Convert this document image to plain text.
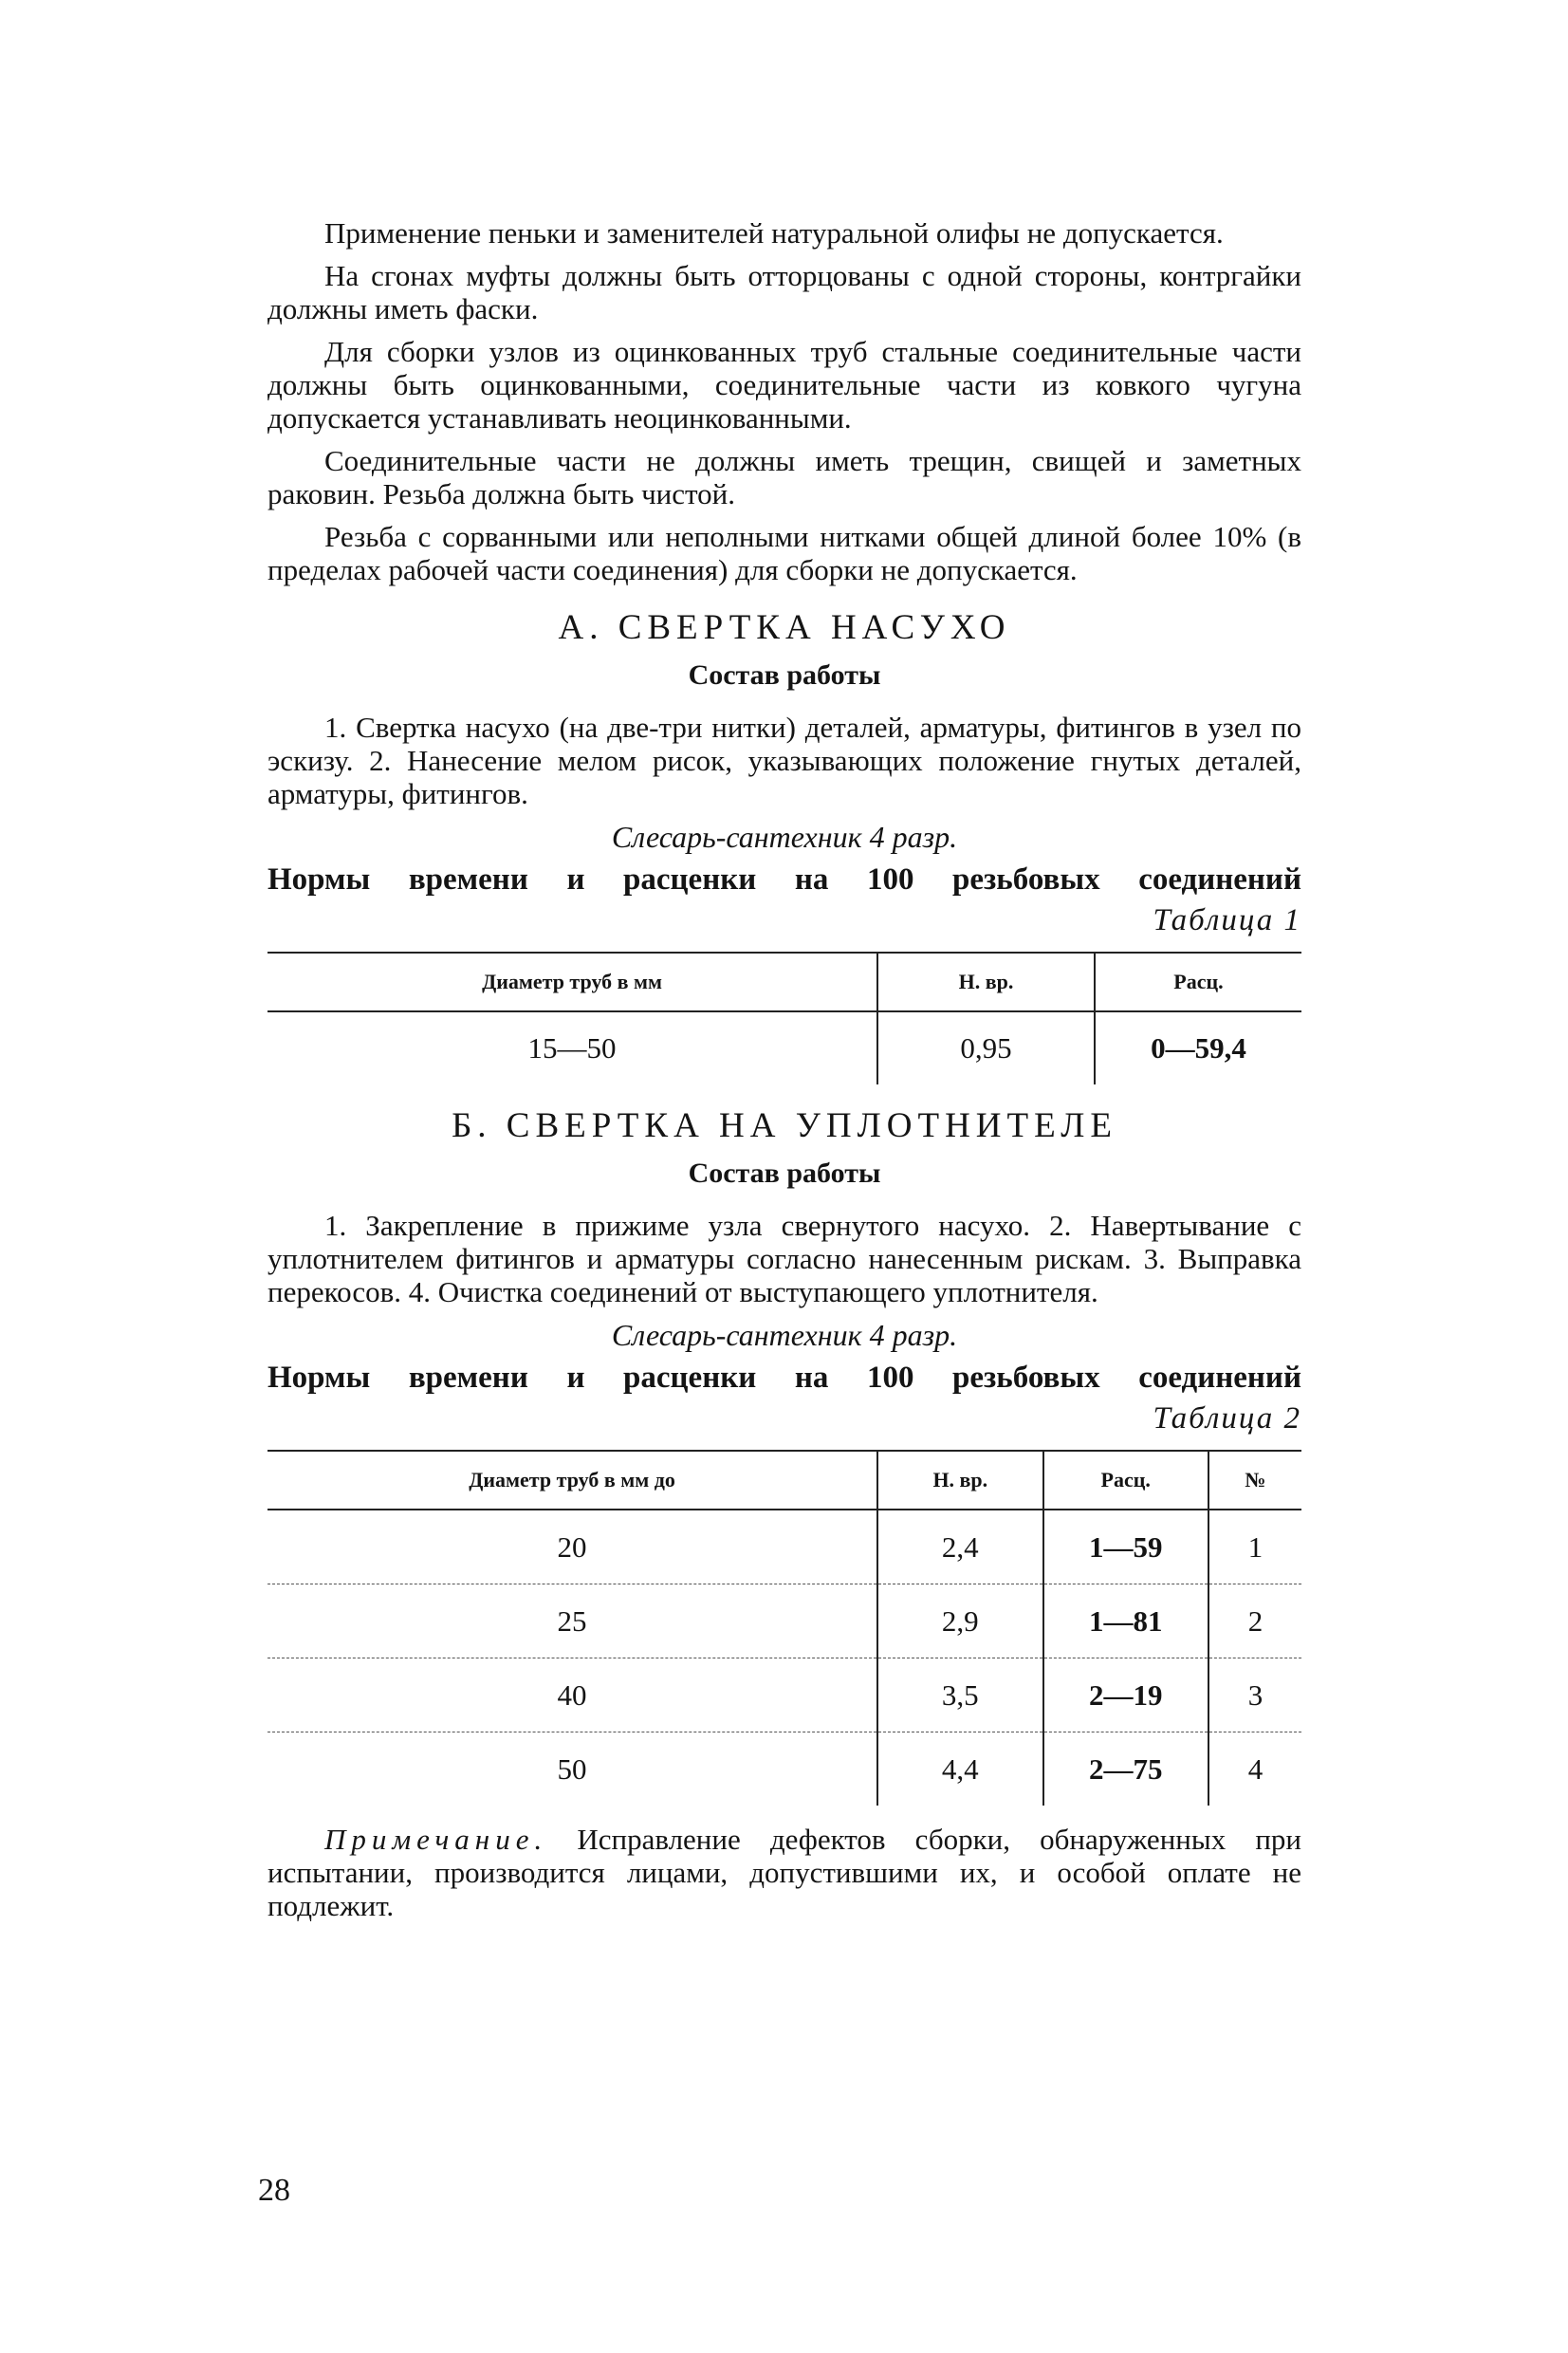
Применение пеньки и заменителей натуральной олифы не допускается.

На сгонах муфты должны быть отторцованы с одной стороны, контргайки должны иметь фаски.

Для сборки узлов из оцинкованных труб стальные соединительные части должны быть оцинкованными, соединительные части из ковкого чугуна допускается устанавливать неоцинкованными.

Соединительные части не должны иметь трещин, свищей и заметных раковин. Резьба должна быть чистой.

Резьба с сорванными или неполными нитками общей длиной более 10% (в пределах рабочей части соединения) для сборки не допускается.

А. СВЕРТКА НАСУХО
Состав работы

1. Свертка насухо (на две-три нитки) деталей, арматуры, фитингов в узел по эскизу. 2. Нанесение мелом рисок, указывающих положение гнутых деталей, арматуры, фитингов.

Слесарь-сантехник 4 разр.
Нормы времени и расценки на 100 резьбовых соединений
Таблица 1
Диаметр труб в мм	Н. вр.	Расц.
15—50	0,95	0—59,4
Б. СВЕРТКА НА УПЛОТНИТЕЛЕ
Состав работы

1. Закрепление в прижиме узла свернутого насухо. 2. Навертывание с уплотнителем фитингов и арматуры согласно нанесенным рискам. 3. Выправка перекосов. 4. Очистка соединений от выступающего уплотнителя.

Слесарь-сантехник 4 разр.
Нормы времени и расценки на 100 резьбовых соединений
Таблица 2
Диаметр труб в мм до	Н. вр.	Расц.	№
20	2,4	1—59	1
25	2,9	1—81	2
40	3,5	2—19	3
50	4,4	2—75	4

Примечание. Исправление дефектов сборки, обнаруженных при испытании, производится лицами, допустившими их, и особой оплате не подлежит.

28
